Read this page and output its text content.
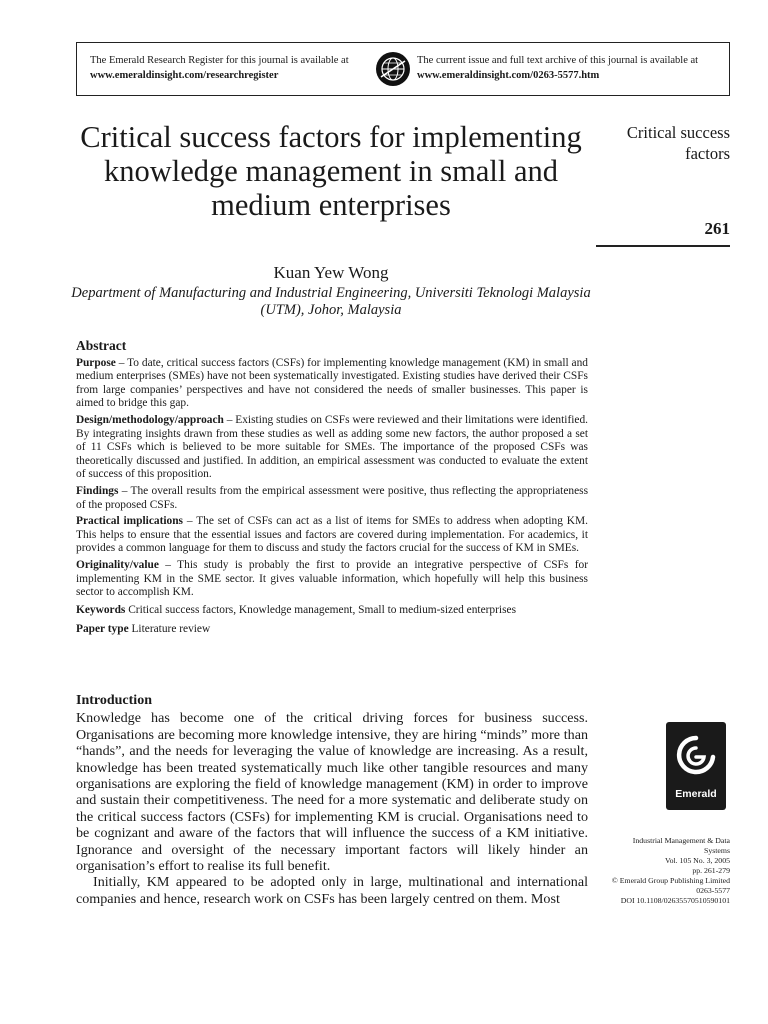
The Emerald Research Register for this journal is available at
www.emeraldinsight.com/researchregister
The current issue and full text archive of this journal is available at
www.emeraldinsight.com/0263-5577.htm
Critical success factors for implementing knowledge management in small and medium enterprises
Kuan Yew Wong
Department of Manufacturing and Industrial Engineering, Universiti Teknologi Malaysia (UTM), Johor, Malaysia
Critical success factors
261
Abstract

Purpose – To date, critical success factors (CSFs) for implementing knowledge management (KM) in small and medium enterprises (SMEs) have not been systematically investigated. Existing studies have derived their CSFs from large companies’ perspectives and have not considered the needs of smaller businesses. This paper is aimed to bridge this gap.

Design/methodology/approach – Existing studies on CSFs were reviewed and their limitations were identified. By integrating insights drawn from these studies as well as adding some new factors, the author proposed a set of 11 CSFs which is believed to be more suitable for SMEs. The importance of the proposed CSFs was theoretically discussed and justified. In addition, an empirical assessment was conducted to evaluate the extent of success of this proposition.

Findings – The overall results from the empirical assessment were positive, thus reflecting the appropriateness of the proposed CSFs.

Practical implications – The set of CSFs can act as a list of items for SMEs to address when adopting KM. This helps to ensure that the essential issues and factors are covered during implementation. For academics, it provides a common language for them to discuss and study the factors crucial for the success of KM in SMEs.

Originality/value – This study is probably the first to provide an integrative perspective of CSFs for implementing KM in the SME sector. It gives valuable information, which hopefully will help this business sector to accomplish KM.

Keywords Critical success factors, Knowledge management, Small to medium-sized enterprises

Paper type Literature review

Introduction

Knowledge has become one of the critical driving forces for business success. Organisations are becoming more knowledge intensive, they are hiring “minds” more than “hands”, and the needs for leveraging the value of knowledge are increasing. As a result, knowledge has been treated systematically much like other tangible resources and many organisations are exploring the field of knowledge management (KM) in order to improve and sustain their competitiveness. The need for a more systematic and deliberate study on the critical success factors (CSFs) for implementing KM is crucial. Organisations need to be cognizant and aware of the factors that will influence the success of a KM initiative. Ignorance and oversight of the necessary important factors will likely hinder an organisation’s effort to realise its full benefit.

Initially, KM appeared to be adopted only in large, multinational and international companies and hence, research work on CSFs has been largely centred on them. Most

Emerald
Industrial Management & Data
Systems
Vol. 105 No. 3, 2005
pp. 261-279
© Emerald Group Publishing Limited
0263-5577
DOI 10.1108/02635570510590101
